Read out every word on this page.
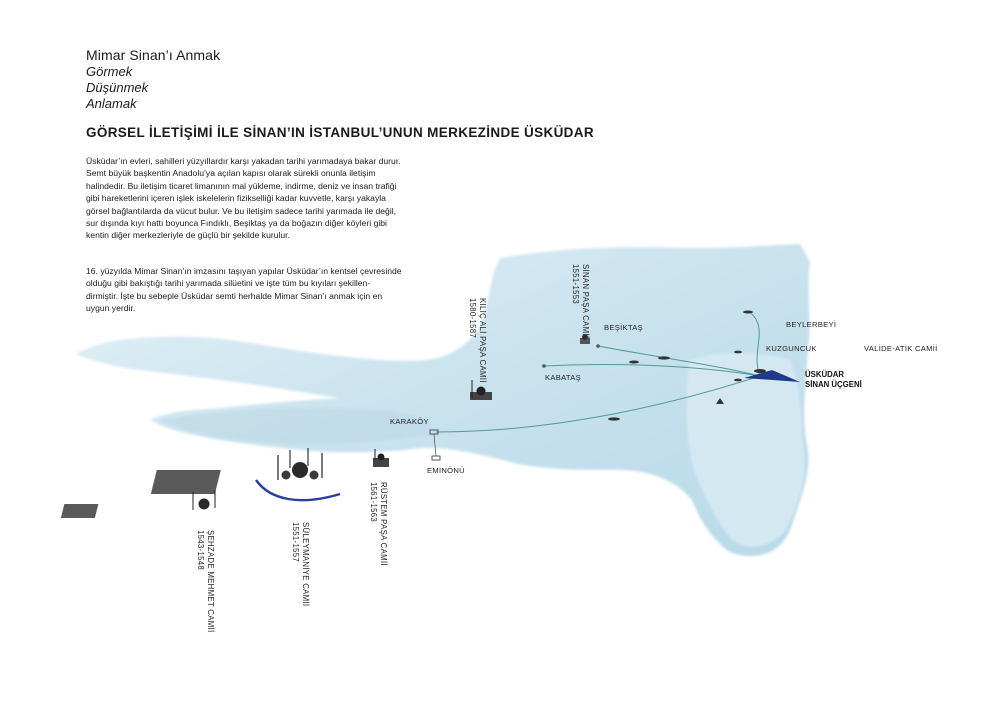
Mimar Sinan’ı Anmak
Görmek
Düşünmek
Anlamak
GÖRSEL İLETİŞİMİ İLE SİNAN’IN İSTANBUL’UNUN MERKEZİNDE ÜSKÜDAR
Üsküdar’ın evleri, sahilleri yüzyıllardır karşı yakadan tarihi yarımadaya bakar durur.
Semt büyük başkentin Anadolu’ya açılan kapısı olarak sürekli onunla iletişim
halindedir. Bu iletişim ticaret limanının mal yükleme, indirme, deniz ve insan trafiği
gibi hareketlerini içeren işlek iskelelerin fizikselliği kadar kuvvetle, karşı yakayla
görsel bağlantılarda da vücut bulur. Ve bu iletişim sadece tarihi yarımada ile değil,
sur dışında kıyı hattı boyunca Fındıklı, Beşiktaş ya da boğazın diğer köyleri gibi
kentin diğer merkezleriyle de güçlü bir şekilde kurulur.
16. yüzyılda Mimar Sinan’ın imzasını taşıyan yapılar Üsküdar’ın kentsel çevresinde
olduğu gibi bakıştığı tarihi yarımada silüetini ve işte tüm bu kıyıları şekillen-
dirmiştir. İşte bu sebeple Üsküdar semti herhalde Mimar Sinan’ı anmak için en
uygun yerdir.
BEŞİKTAŞ	BEYLERBEYİ
KUZGUNCUK	VALİDE-ATİK CAMİİ
KABATAŞ
KARAKÖY
EMİNÖNÜ
ÜSKÜDAR
SİNAN ÜÇGENİ
SİNAN PAŞA CAMİİ
1551-1553
KILIÇ ALİ PAŞA CAMİİ
1580-1587
RÜSTEM PAŞA CAMİİ
1561-1563
SÜLEYMANİYE CAMİİ
1551-1557
ŞEHZADE MEHMET CAMİİ
1543-1548
